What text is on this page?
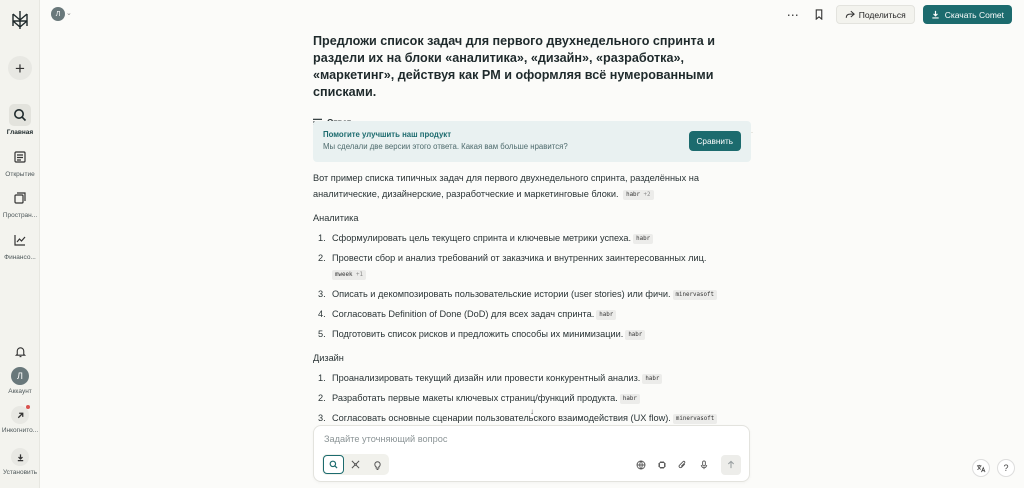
+
Главная
Открытие
Простран...
Финансо...
Л
Аккаунт
Инкогнито...
Установить
Л ⌄	⋯	Поделиться	Скачать Comet
Предложи список задач для первого двухнедельного спринта и раздели их на блоки «аналитика», «дизайн», «разработка», «маркетинг», действуя как PM и оформляя всё нумерованными списками.
Помогите улучшить наш продукт
Мы сделали две версии этого ответа. Какая вам больше нравится?
Сравнить
Вот пример списка типичных задач для первого двухнедельного спринта, разделённых на аналитические, дизайнерские, разработческие и маркетинговые блоки. habr +2
Аналитика
1. Сформулировать цель текущего спринта и ключевые метрики успеха. habr
2. Провести сбор и анализ требований от заказчика и внутренних заинтересованных лиц.
mweek +1
3. Описать и декомпозировать пользовательские истории (user stories) или фичи. minervasoft
4. Согласовать Definition of Done (DoD) для всех задач спринта. habr
5. Подготовить список рисков и предложить способы их минимизации. habr
Дизайн
1. Проанализировать текущий дизайн или провести конкурентный анализ. habr
2. Разработать первые макеты ключевых страниц/функций продукта. habr
3. Согласовать основные сценарии пользовательского взаимодействия (UX flow). minervasoft
↓
Задайте уточняющий вопрос
?
